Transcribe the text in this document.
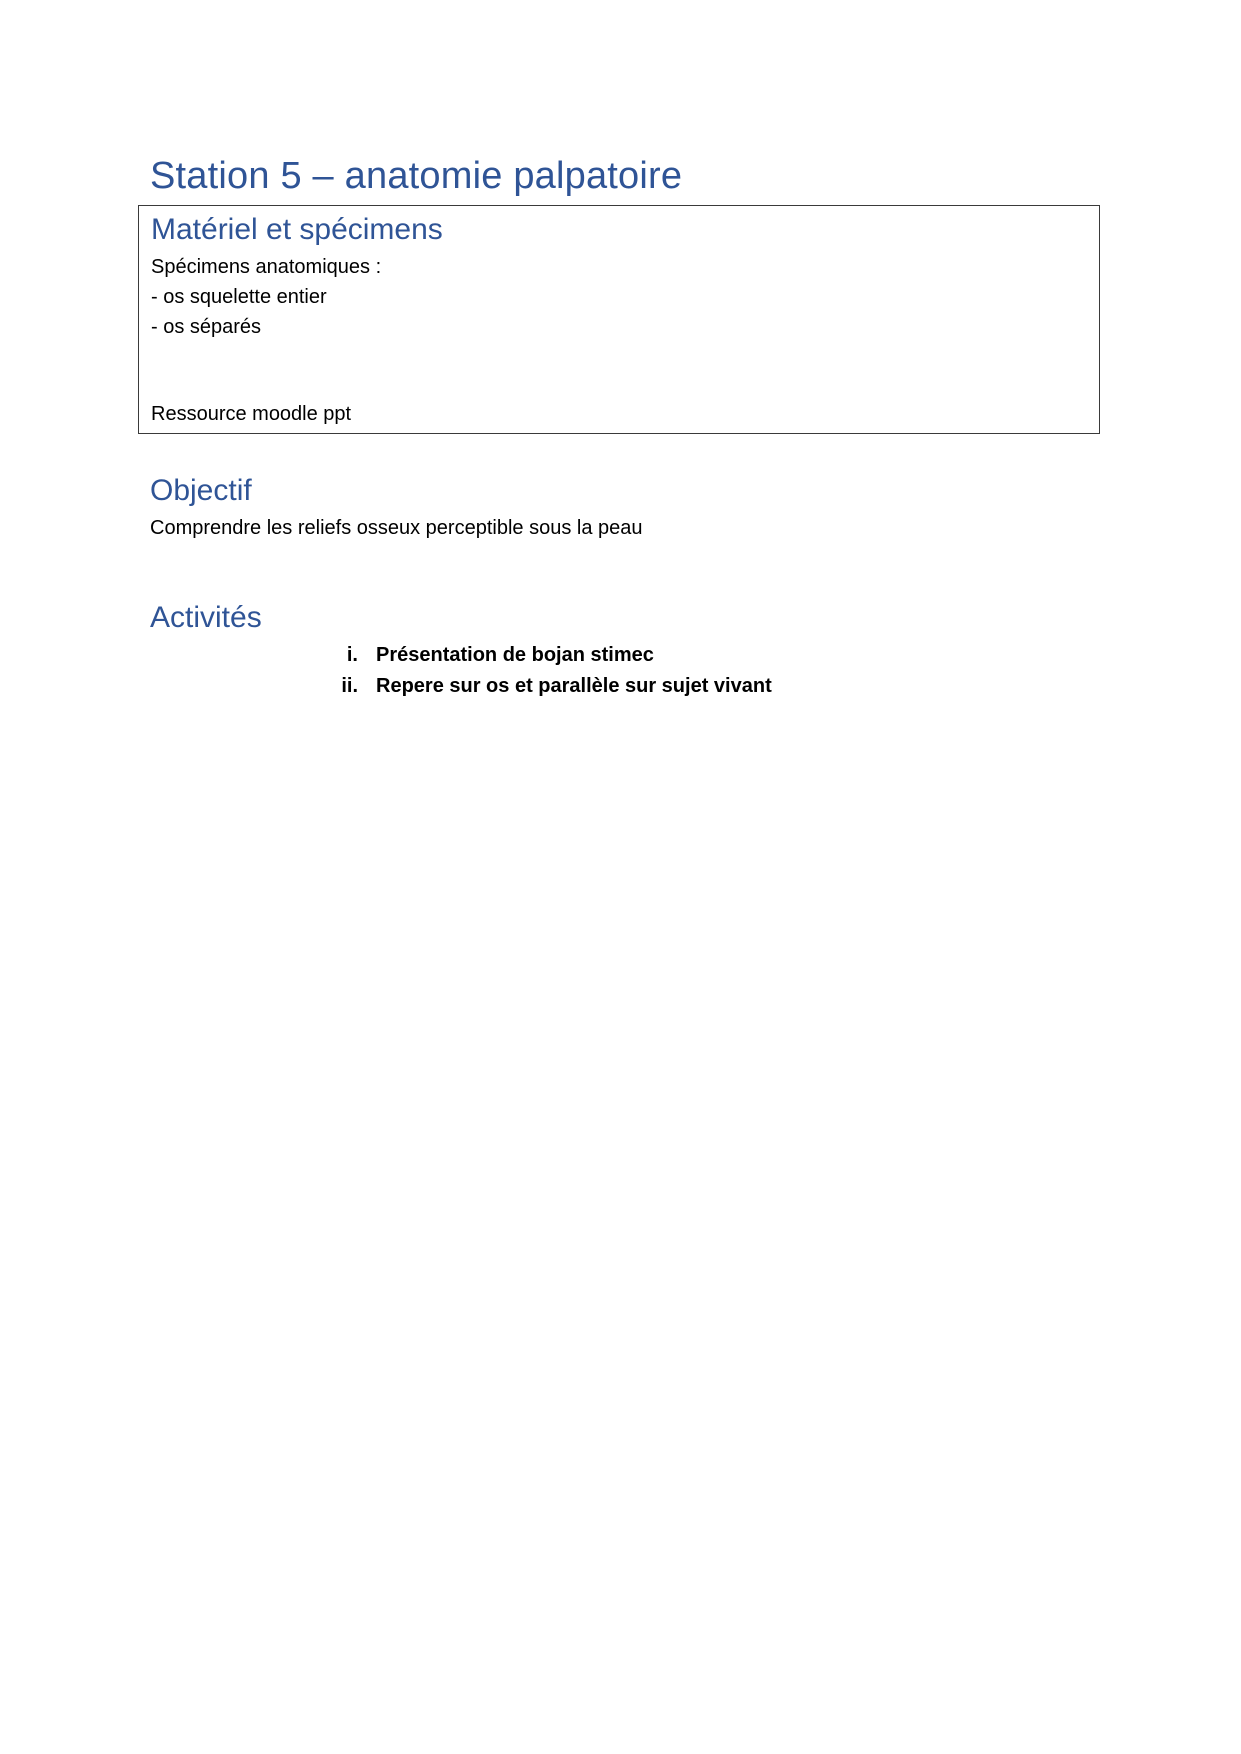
Station 5 – anatomie palpatoire
Matériel et spécimens
Spécimens anatomiques :
- os squelette entier
- os séparés
Ressource moodle ppt
Objectif
Comprendre les reliefs osseux perceptible sous la peau
Activités
i. Présentation de bojan stimec
ii. Repere sur os et parallèle sur sujet vivant
